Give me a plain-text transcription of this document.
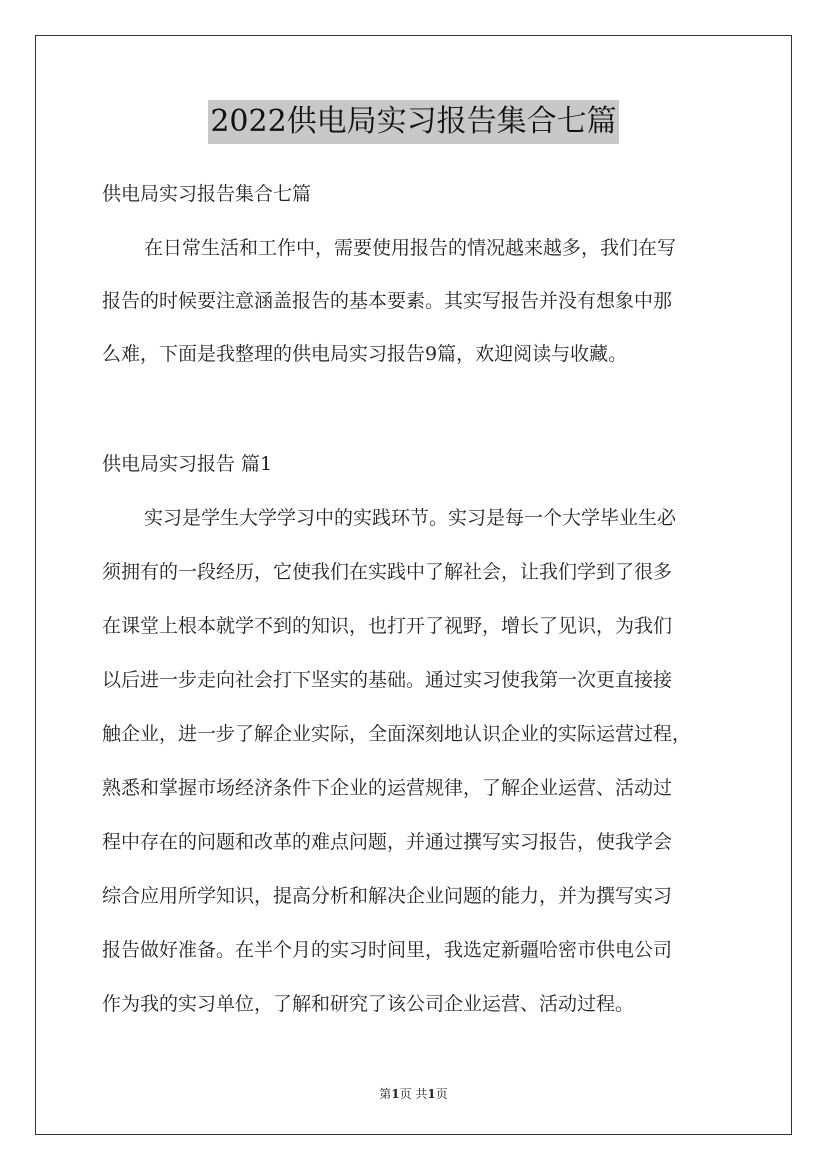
2022供电局实习报告集合七篇
供电局实习报告集合七篇
在日常生活和工作中，需要使用报告的情况越来越多，我们在写
报告的时候要注意涵盖报告的基本要素。其实写报告并没有想象中那
么难，下面是我整理的供电局实习报告9篇，欢迎阅读与收藏。
供电局实习报告 篇1
实习是学生大学学习中的实践环节。实习是每一个大学毕业生必
须拥有的一段经历，它使我们在实践中了解社会，让我们学到了很多
在课堂上根本就学不到的知识，也打开了视野，增长了见识，为我们
以后进一步走向社会打下坚实的基础。通过实习使我第一次更直接接
触企业，进一步了解企业实际，全面深刻地认识企业的实际运营过程，
熟悉和掌握市场经济条件下企业的运营规律，了解企业运营、活动过
程中存在的问题和改革的难点问题，并通过撰写实习报告，使我学会
综合应用所学知识，提高分析和解决企业问题的能力，并为撰写实习
报告做好准备。在半个月的实习时间里，我选定新疆哈密市供电公司
作为我的实习单位，了解和研究了该公司企业运营、活动过程。
第1页 共1页
